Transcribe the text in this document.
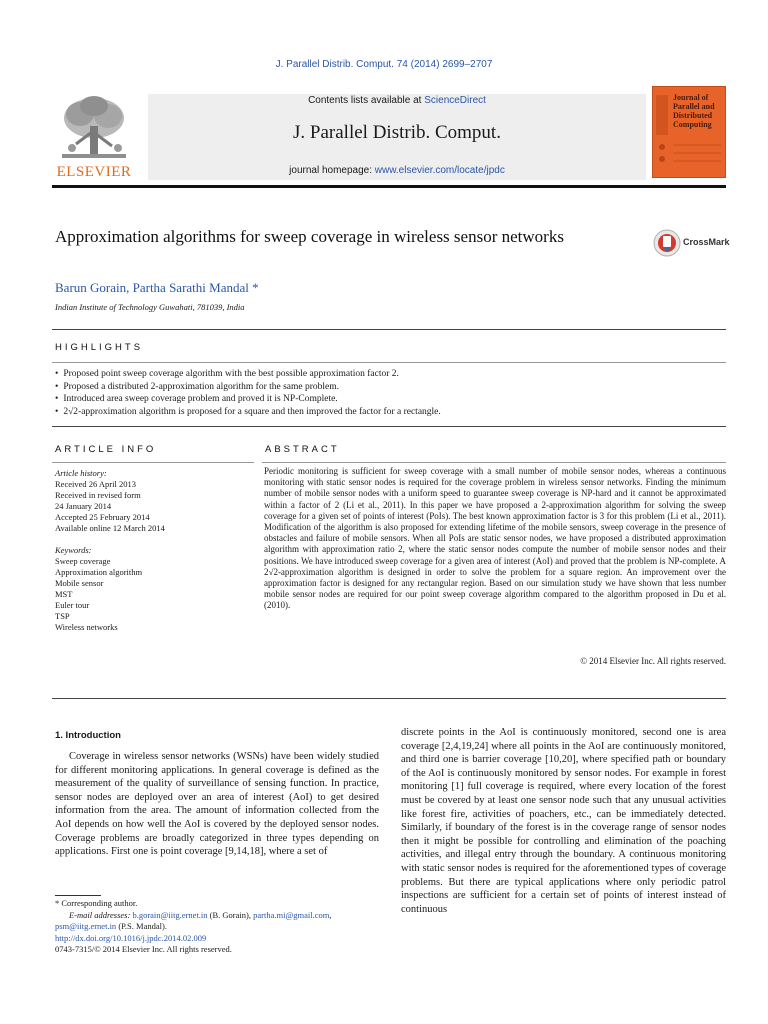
J. Parallel Distrib. Comput. 74 (2014) 2699–2707
ELSEVIER
Contents lists available at ScienceDirect
J. Parallel Distrib. Comput.
journal homepage: www.elsevier.com/locate/jpdc
Journal of Parallel and Distributed Computing
Approximation algorithms for sweep coverage in wireless sensor networks	CrossMark
Barun Gorain, Partha Sarathi Mandal *
Indian Institute of Technology Guwahati, 781039, India
HIGHLIGHTS
• Proposed point sweep coverage algorithm with the best possible approximation factor 2.
• Proposed a distributed 2-approximation algorithm for the same problem.
• Introduced area sweep coverage problem and proved it is NP-Complete.
• 2√2-approximation algorithm is proposed for a square and then improved the factor for a rectangle.
ARTICLE INFO	ABSTRACT
Article history:
Received 26 April 2013
Received in revised form
24 January 2014
Accepted 25 February 2014
Available online 12 March 2014
Keywords:
Sweep coverage
Approximation algorithm
Mobile sensor
MST
Euler tour
TSP
Wireless networks
Periodic monitoring is sufficient for sweep coverage with a small number of mobile sensor nodes, whereas a continuous monitoring with static sensor nodes is required for the coverage problem in wireless sensor networks. Finding the minimum number of mobile sensor nodes with a uniform speed to guarantee sweep coverage is NP-hard and it cannot be approximated within a factor of 2 (Li et al., 2011). In this paper we have proposed a 2-approximation algorithm for solving the sweep coverage for a given set of points of interest (PoIs). The best known approximation factor is 3 for this problem (Li et al., 2011). Modification of the algorithm is also proposed for extending lifetime of the mobile sensors, sweep coverage in the presence of obstacles and failure of mobile sensors. When all PoIs are static sensor nodes, we have proposed a distributed approximation algorithm with approximation ratio 2, where the static sensor nodes compute the number of mobile sensor nodes and their positions. We have introduced sweep coverage for a given area of interest (AoI) and proved that the problem is NP-complete. A 2√2-approximation algorithm is designed in order to solve the problem for a square region. An improvement over the approximation factor is designed for any rectangular region. Based on our simulation study we have shown that less number mobile sensor nodes are required for our point sweep coverage algorithm compared to the algorithm proposed in Du et al. (2010).
© 2014 Elsevier Inc. All rights reserved.
1. Introduction
Coverage in wireless sensor networks (WSNs) have been widely studied for different monitoring applications. In general coverage is defined as the measurement of the quality of surveillance of sensing function. In practice, sensor nodes are deployed over an area of interest (AoI) to get desired information from the area. The amount of information collected from the AoI depends on how well the AoI is covered by the deployed sensor nodes. Coverage problems are broadly categorized in three types depending on applications. First one is point coverage [9,14,18], where a set of
discrete points in the AoI is continuously monitored, second one is area coverage [2,4,19,24] where all points in the AoI are continuously monitored, and third one is barrier coverage [10,20], where specified path or boundary of the AoI is continuously monitored by sensor nodes. For example in forest monitoring [1] full coverage is required, where every location of the forest must be covered by at least one sensor node such that any unusual activities like forest fire, activities of poachers, etc., can be immediately detected. Similarly, if boundary of the forest is in the coverage range of sensor nodes then it might be possible for controlling and elimination of the poaching activities, and illegal entry through the boundary. A continuous monitoring with static sensor nodes is required for the aforementioned types of coverage problems. But there are typical applications where only periodic patrol inspections are sufficient for a certain set of points of interest instead of continuous
* Corresponding author.
E-mail addresses: b.gorain@iitg.ernet.in (B. Gorain), partha.mi@gmail.com,
psm@iitg.ernet.in (P.S. Mandal).
http://dx.doi.org/10.1016/j.jpdc.2014.02.009
0743-7315/© 2014 Elsevier Inc. All rights reserved.
